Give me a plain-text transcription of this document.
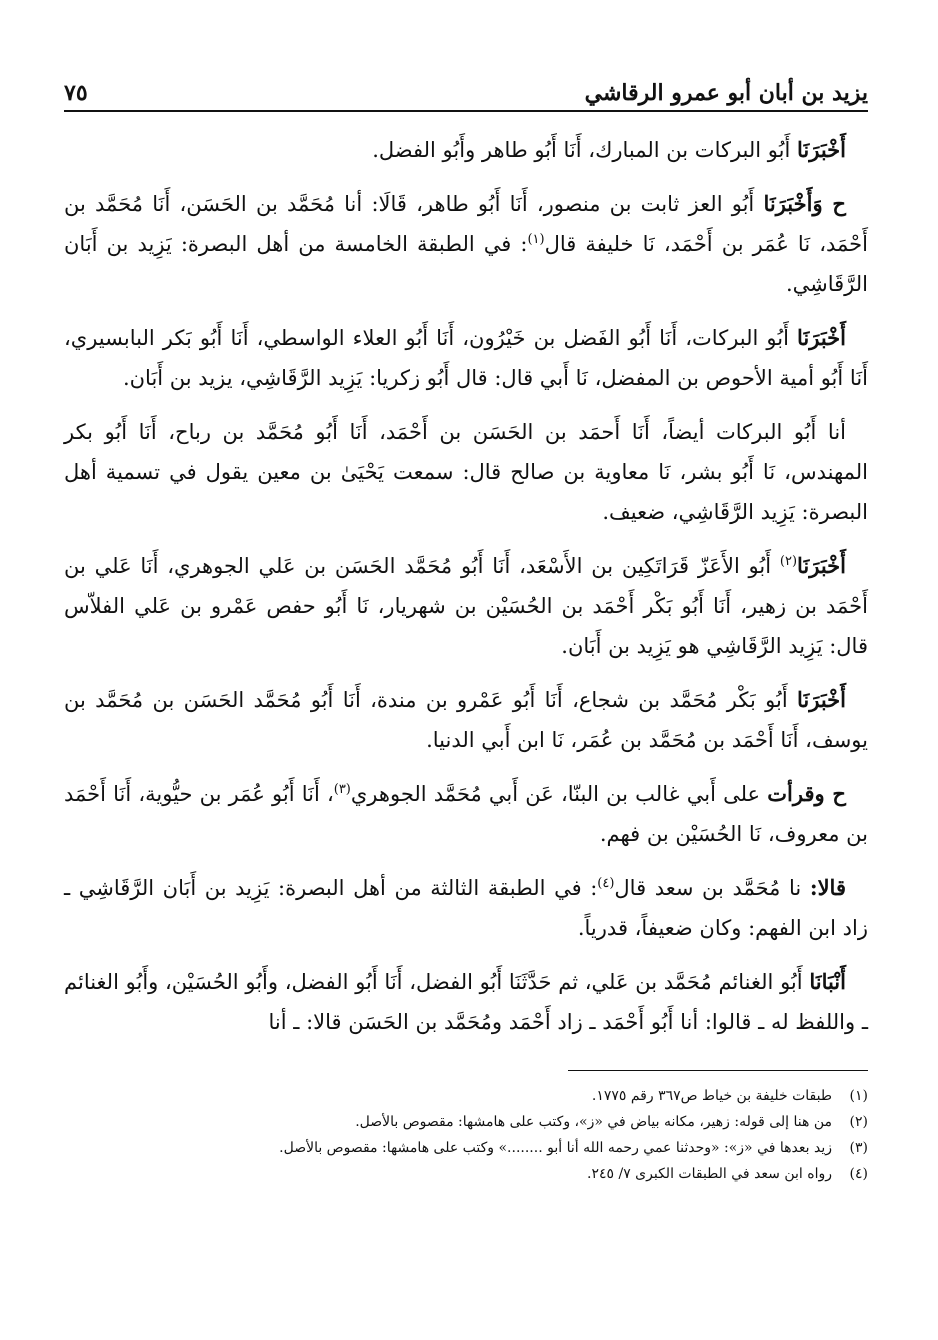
يزيد بن أبان أبو عمرو الرقاشي
٧٥

أَخْبَرَنَا أَبُو البركات بن المبارك، أَنَا أَبُو طاهر وأَبُو الفضل.

ح وَأَخْبَرَنَا أَبُو العز ثابت بن منصور، أَنَا أَبُو طاهر، قَالَا: أنا مُحَمَّد بن الحَسَن، أَنَا مُحَمَّد بن أَحْمَد، نَا عُمَر بن أَحْمَد، نَا خليفة قال$^{(١)}$: في الطبقة الخامسة من أهل البصرة: يَزِيد بن أَبَان الرَّقَاشِي.

أَخْبَرَنَا أَبُو البركات، أَنَا أَبُو الفَضل بن خَيْرُون، أَنَا أَبُو العلاء الواسطي، أَنَا أَبُو بَكر البابسيري، أَنَا أَبُو أمية الأحوص بن المفضل، نَا أَبي قال: قال أَبُو زكريا: يَزِيد الرَّقَاشِي، يزيد بن أَبَان.

أنا أَبُو البركات أيضاً، أَنَا أَحمَد بن الحَسَن بن أَحْمَد، أَنَا أَبُو مُحَمَّد بن رباح، أَنَا أَبُو بكر المهندس، نَا أَبُو بشر، نَا معاوية بن صالح قال: سمعت يَحْيَىٰ بن معين يقول في تسمية أهل البصرة: يَزِيد الرَّقَاشِي، ضعيف.

أَخْبَرَنَا$^{(٢)}$ أَبُو الأَعَزّ قَرَاتَكِين بن الأَسْعَد، أَنَا أَبُو مُحَمَّد الحَسَن بن عَلي الجوهري، أَنَا عَلي بن أَحْمَد بن زهير، أَنَا أَبُو بَكْر أَحْمَد بن الحُسَيْن بن شهريار، نَا أَبُو حفص عَمْرو بن عَلي الفلاّس قال: يَزِيد الرَّقَاشِي هو يَزِيد بن أَبَان.

أَخْبَرَنَا أَبُو بَكْر مُحَمَّد بن شجاع، أَنَا أَبُو عَمْرو بن مندة، أَنَا أَبُو مُحَمَّد الحَسَن بن مُحَمَّد بن يوسف، أَنَا أَحْمَد بن مُحَمَّد بن عُمَر، نَا ابن أَبي الدنيا.

ح وقرأت على أَبي غالب بن البنّا، عَن أَبي مُحَمَّد الجوهري$^{(٣)}$، أَنَا أَبُو عُمَر بن حيُّوية، أَنَا أَحْمَد بن معروف، نَا الحُسَيْن بن فهم.

قالا: نا مُحَمَّد بن سعد قال$^{(٤)}$: في الطبقة الثالثة من أهل البصرة: يَزِيد بن أَبَان الرَّقَاشِي ـ زاد ابن الفهم: وكان ضعيفاً، قدرياً.

أَنْبَانَا أَبُو الغنائم مُحَمَّد بن عَلي، ثم حَدَّثَنَا أَبُو الفضل، أَنَا أَبُو الفضل، وأَبُو الحُسَيْن، وأَبُو الغنائم ـ واللفظ له ـ قالوا: أنا أَبُو أَحْمَد ـ زاد أَحْمَد ومُحَمَّد بن الحَسَن قالا: ـ أنا

(١)
طبقات خليفة بن خياط ص٣٦٧ رقم ١٧٧٥.
(٢)
من هنا إلى قوله: زهير، مكانه بياض في «ز»، وكتب على هامشها: مقصوص بالأصل.
(٣)
زيد بعدها في «ز»: «وحدثنا عمي رحمه الله أنا أبو ........» وكتب على هامشها: مقصوص بالأصل.
(٤)
رواه ابن سعد في الطبقات الكبرى ٧/ ٢٤٥.
